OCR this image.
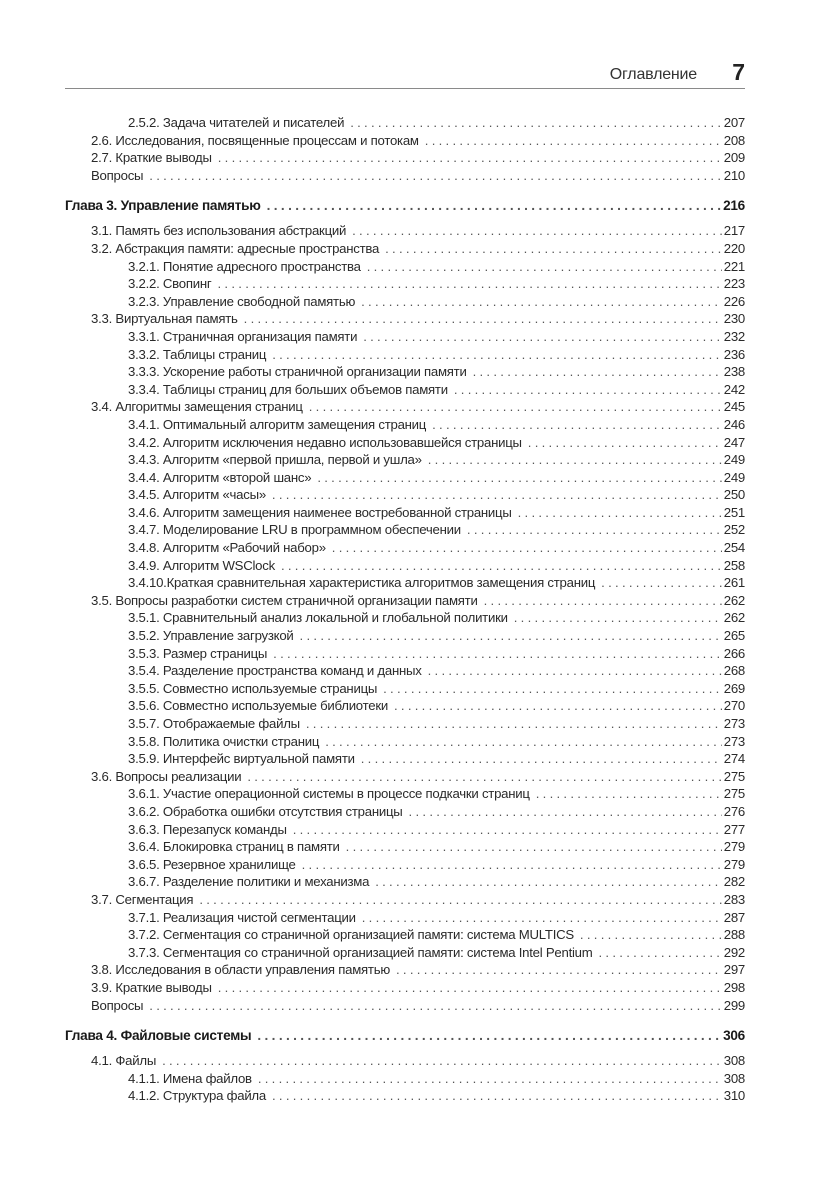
Оглавление 7
2.5.2. Задача читателей и писателей . . .	207
2.6. Исследования, посвященные процессам и потокам . . .	208
2.7. Краткие выводы . . .	209
Вопросы . . .	210
Глава 3. Управление памятью . . .	216
3.1. Память без использования абстракций . . .	217
3.2. Абстракция памяти: адресные пространства . . .	220
3.2.1. Понятие адресного пространства . . .	221
3.2.2. Свопинг . . .	223
3.2.3. Управление свободной памятью . . .	226
3.3. Виртуальная память . . .	230
3.3.1. Страничная организация памяти . . .	232
3.3.2. Таблицы страниц . . .	236
3.3.3. Ускорение работы страничной организации памяти . . .	238
3.3.4. Таблицы страниц для больших объемов памяти . . .	242
3.4. Алгоритмы замещения страниц . . .	245
3.4.1. Оптимальный алгоритм замещения страниц . . .	246
3.4.2. Алгоритм исключения недавно использовавшейся страницы . . .	247
3.4.3. Алгоритм «первой пришла, первой и ушла» . . .	249
3.4.4. Алгоритм «второй шанс» . . .	249
3.4.5. Алгоритм «часы» . . .	250
3.4.6. Алгоритм замещения наименее востребованной страницы . . .	251
3.4.7. Моделирование LRU в программном обеспечении . . .	252
3.4.8. Алгоритм «Рабочий набор» . . .	254
3.4.9. Алгоритм WSClock . . .	258
3.4.10.Краткая сравнительная характеристика алгоритмов замещения страниц . . .	261
3.5. Вопросы разработки систем страничной организации памяти . . .	262
3.5.1. Сравнительный анализ локальной и глобальной политики . . .	262
3.5.2. Управление загрузкой . . .	265
3.5.3. Размер страницы . . .	266
3.5.4. Разделение пространства команд и данных . . .	268
3.5.5. Совместно используемые страницы . . .	269
3.5.6. Совместно используемые библиотеки . . .	270
3.5.7. Отображаемые файлы . . .	273
3.5.8. Политика очистки страниц . . .	273
3.5.9. Интерфейс виртуальной памяти . . .	274
3.6. Вопросы реализации . . .	275
3.6.1. Участие операционной системы в процессе подкачки страниц . . .	275
3.6.2. Обработка ошибки отсутствия страницы . . .	276
3.6.3. Перезапуск команды . . .	277
3.6.4. Блокировка страниц в памяти . . .	279
3.6.5. Резервное хранилище . . .	279
3.6.7. Разделение политики и механизма . . .	282
3.7. Сегментация . . .	283
3.7.1. Реализация чистой сегментации . . .	287
3.7.2. Сегментация со страничной организацией памяти: система MULTICS . . .	288
3.7.3. Сегментация со страничной организацией памяти: система Intel Pentium . . .	292
3.8. Исследования в области управления памятью . . .	297
3.9. Краткие выводы . . .	298
Вопросы . . .	299
Глава 4. Файловые системы . . .	306
4.1. Файлы . . .	308
4.1.1. Имена файлов . . .	308
4.1.2. Структура файла . . .	310
